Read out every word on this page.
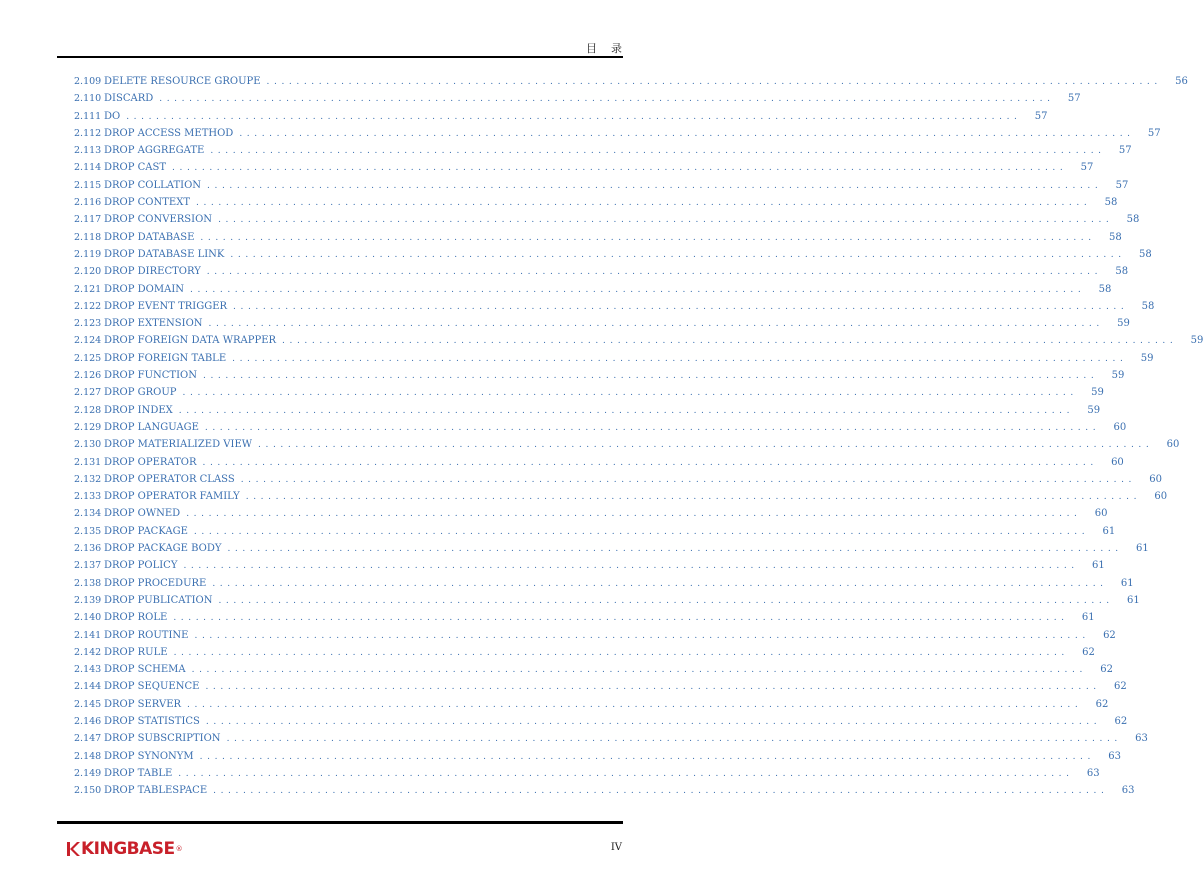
目录
2.109 DELETE RESOURCE GROUPE ........................................................................................................................	56
2.110 DISCARD ........................................................................................................................	57
2.111 DO ........................................................................................................................	57
2.112 DROP ACCESS METHOD ........................................................................................................................	57
2.113 DROP AGGREGATE ........................................................................................................................	57
2.114 DROP CAST ........................................................................................................................	57
2.115 DROP COLLATION ........................................................................................................................	57
2.116 DROP CONTEXT ........................................................................................................................	58
2.117 DROP CONVERSION ........................................................................................................................	58
2.118 DROP DATABASE ........................................................................................................................	58
2.119 DROP DATABASE LINK ........................................................................................................................	58
2.120 DROP DIRECTORY ........................................................................................................................	58
2.121 DROP DOMAIN ........................................................................................................................	58
2.122 DROP EVENT TRIGGER ........................................................................................................................	58
2.123 DROP EXTENSION ........................................................................................................................	59
2.124 DROP FOREIGN DATA WRAPPER ........................................................................................................................	59
2.125 DROP FOREIGN TABLE ........................................................................................................................	59
2.126 DROP FUNCTION ........................................................................................................................	59
2.127 DROP GROUP ........................................................................................................................	59
2.128 DROP INDEX ........................................................................................................................	59
2.129 DROP LANGUAGE ........................................................................................................................	60
2.130 DROP MATERIALIZED VIEW ........................................................................................................................	60
2.131 DROP OPERATOR ........................................................................................................................	60
2.132 DROP OPERATOR CLASS ........................................................................................................................	60
2.133 DROP OPERATOR FAMILY ........................................................................................................................	60
2.134 DROP OWNED ........................................................................................................................	60
2.135 DROP PACKAGE ........................................................................................................................	61
2.136 DROP PACKAGE BODY ........................................................................................................................	61
2.137 DROP POLICY ........................................................................................................................	61
2.138 DROP PROCEDURE ........................................................................................................................	61
2.139 DROP PUBLICATION ........................................................................................................................	61
2.140 DROP ROLE ........................................................................................................................	61
2.141 DROP ROUTINE ........................................................................................................................	62
2.142 DROP RULE ........................................................................................................................	62
2.143 DROP SCHEMA ........................................................................................................................	62
2.144 DROP SEQUENCE ........................................................................................................................	62
2.145 DROP SERVER ........................................................................................................................	62
2.146 DROP STATISTICS ........................................................................................................................	62
2.147 DROP SUBSCRIPTION ........................................................................................................................	63
2.148 DROP SYNONYM ........................................................................................................................	63
2.149 DROP TABLE ........................................................................................................................	63
2.150 DROP TABLESPACE ........................................................................................................................	63
KINGBASE ®	IV
